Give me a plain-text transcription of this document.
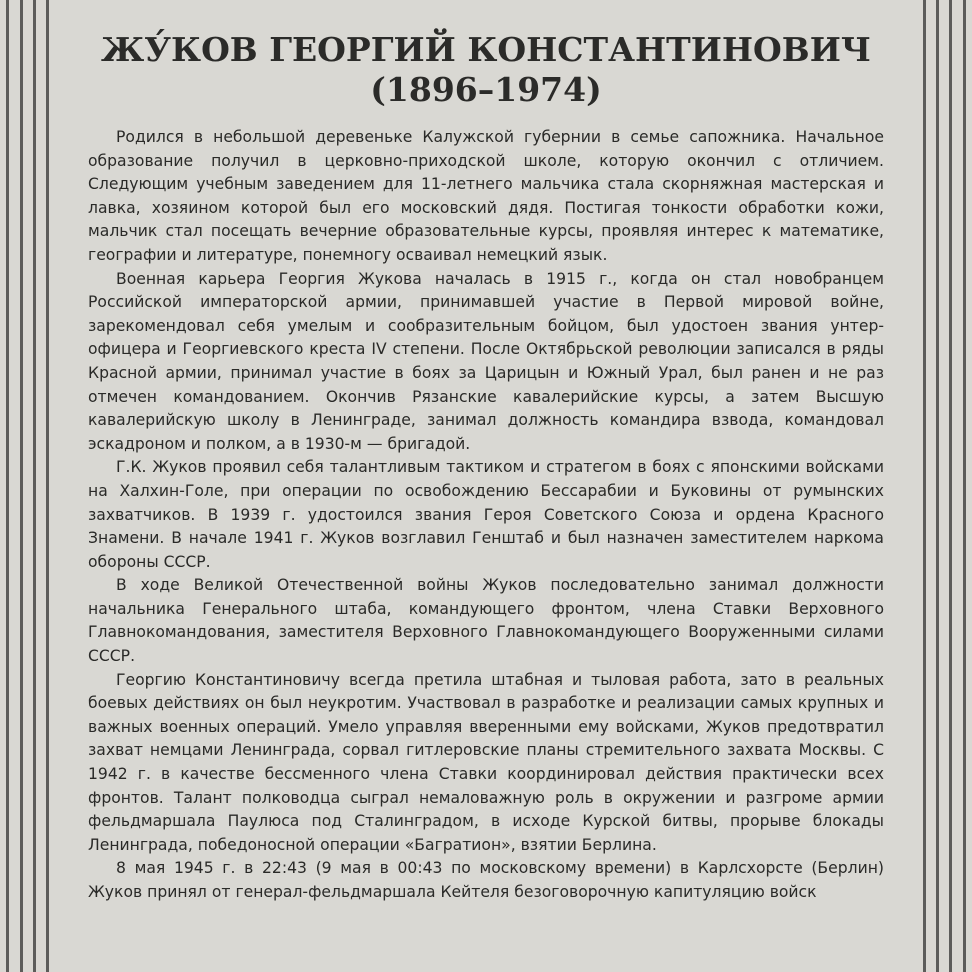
ЖУ́КОВ ГЕОРГИЙ КОНСТАНТИНОВИЧ
(1896–1974)

Родился в небольшой деревеньке Калужской губернии в семье сапожника. Начальное образование получил в церковно-приходской школе, которую окончил с отличием. Следующим учебным заведением для 11-летнего мальчика стала скорняжная мастерская и лавка, хозяином которой был его московский дядя. Постигая тонкости обработки кожи, мальчик стал посещать вечерние образовательные курсы, проявляя интерес к математике, географии и литературе, понемногу осваивал немецкий язык.

Военная карьера Георгия Жукова началась в 1915 г., когда он стал новобранцем Российской императорской армии, принимавшей участие в Первой мировой войне, зарекомендовал себя умелым и сообразительным бойцом, был удостоен звания унтер-офицера и Георгиевского креста IV степени. После Октябрьской революции записался в ряды Красной армии, принимал участие в боях за Царицын и Южный Урал, был ранен и не раз отмечен командованием. Окончив Рязанские кавалерийские курсы, а затем Высшую кавалерийскую школу в Ленинграде, занимал должность командира взвода, командовал эскадроном и полком, а в 1930-м — бригадой.

Г.К. Жуков проявил себя талантливым тактиком и стратегом в боях с японскими войсками на Халхин-Голе, при операции по освобождению Бессарабии и Буковины от румынских захватчиков. В 1939 г. удостоился звания Героя Советского Союза и ордена Красного Знамени. В начале 1941 г. Жуков возглавил Генштаб и был назначен заместителем наркома обороны СССР.

В ходе Великой Отечественной войны Жуков последовательно занимал должности начальника Генерального штаба, командующего фронтом, члена Ставки Верховного Главнокомандования, заместителя Верховного Главнокомандующего Вооруженными силами СССР.

Георгию Константиновичу всегда претила штабная и тыловая работа, зато в реальных боевых действиях он был неукротим. Участвовал в разработке и реализации самых крупных и важных военных операций. Умело управляя вверенными ему войсками, Жуков предотвратил захват немцами Ленинграда, сорвал гитлеровские планы стремительного захвата Москвы. С 1942 г. в качестве бессменного члена Ставки координировал действия практически всех фронтов. Талант полководца сыграл немаловажную роль в окружении и разгроме армии фельдмаршала Паулюса под Сталинградом, в исходе Курской битвы, прорыве блокады Ленинграда, победоносной операции «Багратион», взятии Берлина.

8 мая 1945 г. в 22:43 (9 мая в 00:43 по московскому времени) в Карлсхорсте (Берлин) Жуков принял от генерал-фельдмаршала Кейтеля безоговорочную капитуляцию войск
